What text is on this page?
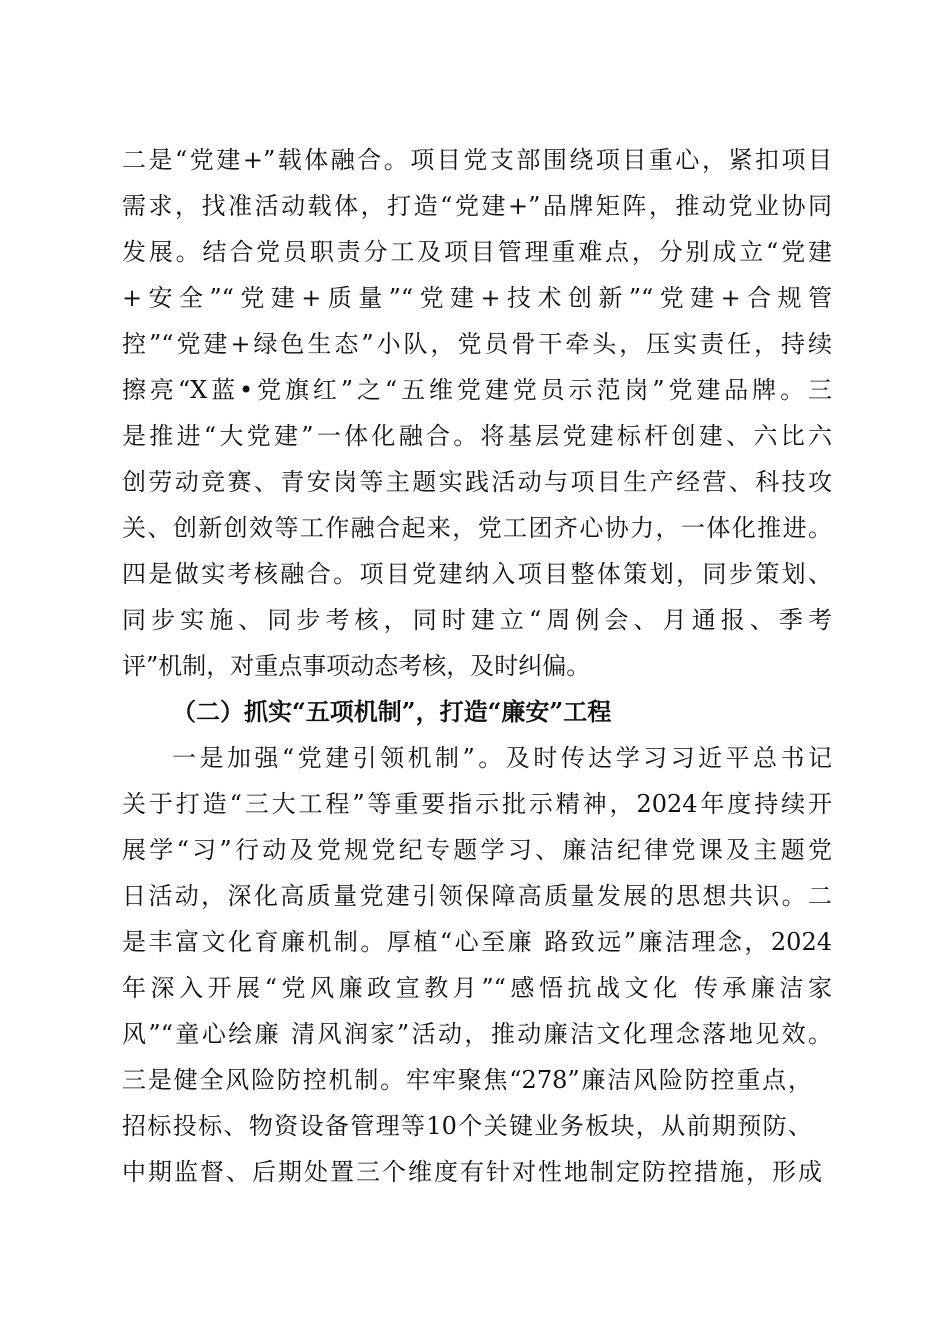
二是“党建+”载体融合。项目党支部围绕项目重心，紧扣项目
需求，找准活动载体，打造“党建+”品牌矩阵，推动党业协同
发展。结合党员职责分工及项目管理重难点，分别成立“党建
+安全”“党建+质量”“党建+技术创新”“党建+合规管
控”“党建+绿色生态”小队，党员骨干牵头，压实责任，持续
擦亮“X蓝•党旗红”之“五维党建党员示范岗”党建品牌。三
是推进“大党建”一体化融合。将基层党建标杆创建、六比六
创劳动竞赛、青安岗等主题实践活动与项目生产经营、科技攻
关、创新创效等工作融合起来，党工团齐心协力，一体化推进。
四是做实考核融合。项目党建纳入项目整体策划，同步策划、
同步实施、同步考核，同时建立“周例会、月通报、季考
评”机制，对重点事项动态考核，及时纠偏。
（二）抓实“五项机制”，打造“廉安”工程
一是加强“党建引领机制”。及时传达学习习近平总书记
关于打造“三大工程”等重要指示批示精神，2024年度持续开
展学“习”行动及党规党纪专题学习、廉洁纪律党课及主题党
日活动，深化高质量党建引领保障高质量发展的思想共识。二
是丰富文化育廉机制。厚植“心至廉 路致远”廉洁理念，2024
年深入开展“党风廉政宣教月”“感悟抗战文化 传承廉洁家
风”“童心绘廉 清风润家”活动，推动廉洁文化理念落地见效。
三是健全风险防控机制。牢牢聚焦“278”廉洁风险防控重点，
招标投标、物资设备管理等10个关键业务板块，从前期预防、
中期监督、后期处置三个维度有针对性地制定防控措施，形成
